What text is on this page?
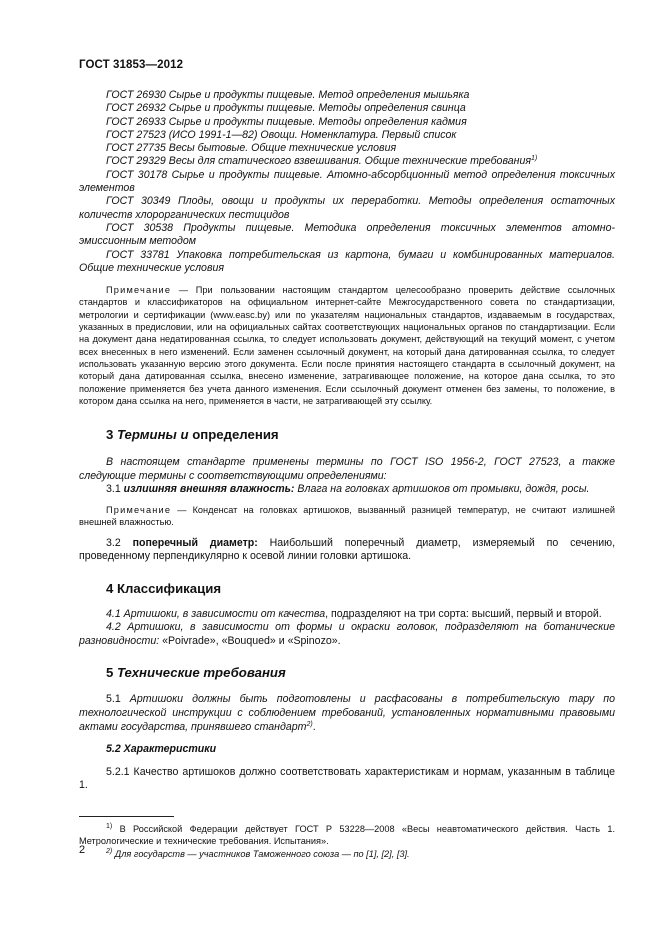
ГОСТ 31853—2012

ГОСТ 26930 Сырье и продукты пищевые. Метод определения мышьяка

ГОСТ 26932 Сырье и продукты пищевые. Методы определения свинца

ГОСТ 26933 Сырье и продукты пищевые. Методы определения кадмия

ГОСТ 27523 (ИСО 1991-1—82) Овощи. Номенклатура. Первый список

ГОСТ 27735 Весы бытовые. Общие технические условия

ГОСТ 29329 Весы для статического взвешивания. Общие технические требования$^{1)}$

ГОСТ 30178 Сырье и продукты пищевые. Атомно-абсорбционный метод определения токсичных элементов

ГОСТ 30349 Плоды, овощи и продукты их переработки. Методы определения остаточных количеств хлорорганических пестицидов

ГОСТ 30538 Продукты пищевые. Методика определения токсичных элементов атомно-эмиссионным методом

ГОСТ 33781 Упаковка потребительская из картона, бумаги и комбинированных материалов. Общие технические условия

Примечание — При пользовании настоящим стандартом целесообразно проверить действие ссылочных стандартов и классификаторов на официальном интернет-сайте Межгосударственного совета по стандартизации, метрологии и сертификации (www.easc.by) или по указателям национальных стандартов, издаваемым в государствах, указанных в предисловии, или на официальных сайтах соответствующих национальных органов по стандартизации. Если на документ дана недатированная ссылка, то следует использовать документ, действующий на текущий момент, с учетом всех внесенных в него изменений. Если заменен ссылочный документ, на который дана датированная ссылка, то следует использовать указанную версию этого документа. Если после принятия настоящего стандарта в ссылочный документ, на который дана датированная ссылка, внесено изменение, затрагивающее положение, на которое дана ссылка, то это положение применяется без учета данного изменения. Если ссылочный документ отменен без замены, то положение, в котором дана ссылка на него, применяется в части, не затрагивающей эту ссылку.

3 Термины и определения

В настоящем стандарте применены термины по ГОСТ ISO 1956-2, ГОСТ 27523, а также следующие термины с соответствующими определениями:

3.1 излишняя внешняя влажность: Влага на головках артишоков от промывки, дождя, росы.

Примечание — Конденсат на головках артишоков, вызванный разницей температур, не считают излишней внешней влажностью.

3.2 поперечный диаметр: Наибольший поперечный диаметр, измеряемый по сечению, проведенному перпендикулярно к осевой линии головки артишока.

4 Классификация

4.1 Артишоки, в зависимости от качества, подразделяют на три сорта: высший, первый и второй.

4.2 Артишоки, в зависимости от формы и окраски головок, подразделяют на ботанические разновидности: «Poivrade», «Bouqued» и «Spinozo».

5 Технические требования

5.1 Артишоки должны быть подготовлены и расфасованы в потребительскую тару по технологической инструкции с соблюдением требований, установленных нормативными правовыми актами государства, принявшего стандарт$^{2)}$.

5.2 Характеристики

5.2.1 Качество артишоков должно соответствовать характеристикам и нормам, указанным в таблице 1.

$^{1)}$ В Российской Федерации действует ГОСТ Р 53228—2008 «Весы неавтоматического действия. Часть 1. Метрологические и технические требования. Испытания».

$^{2)}$ Для государств — участников Таможенного союза — по [1], [2], [3].

2
